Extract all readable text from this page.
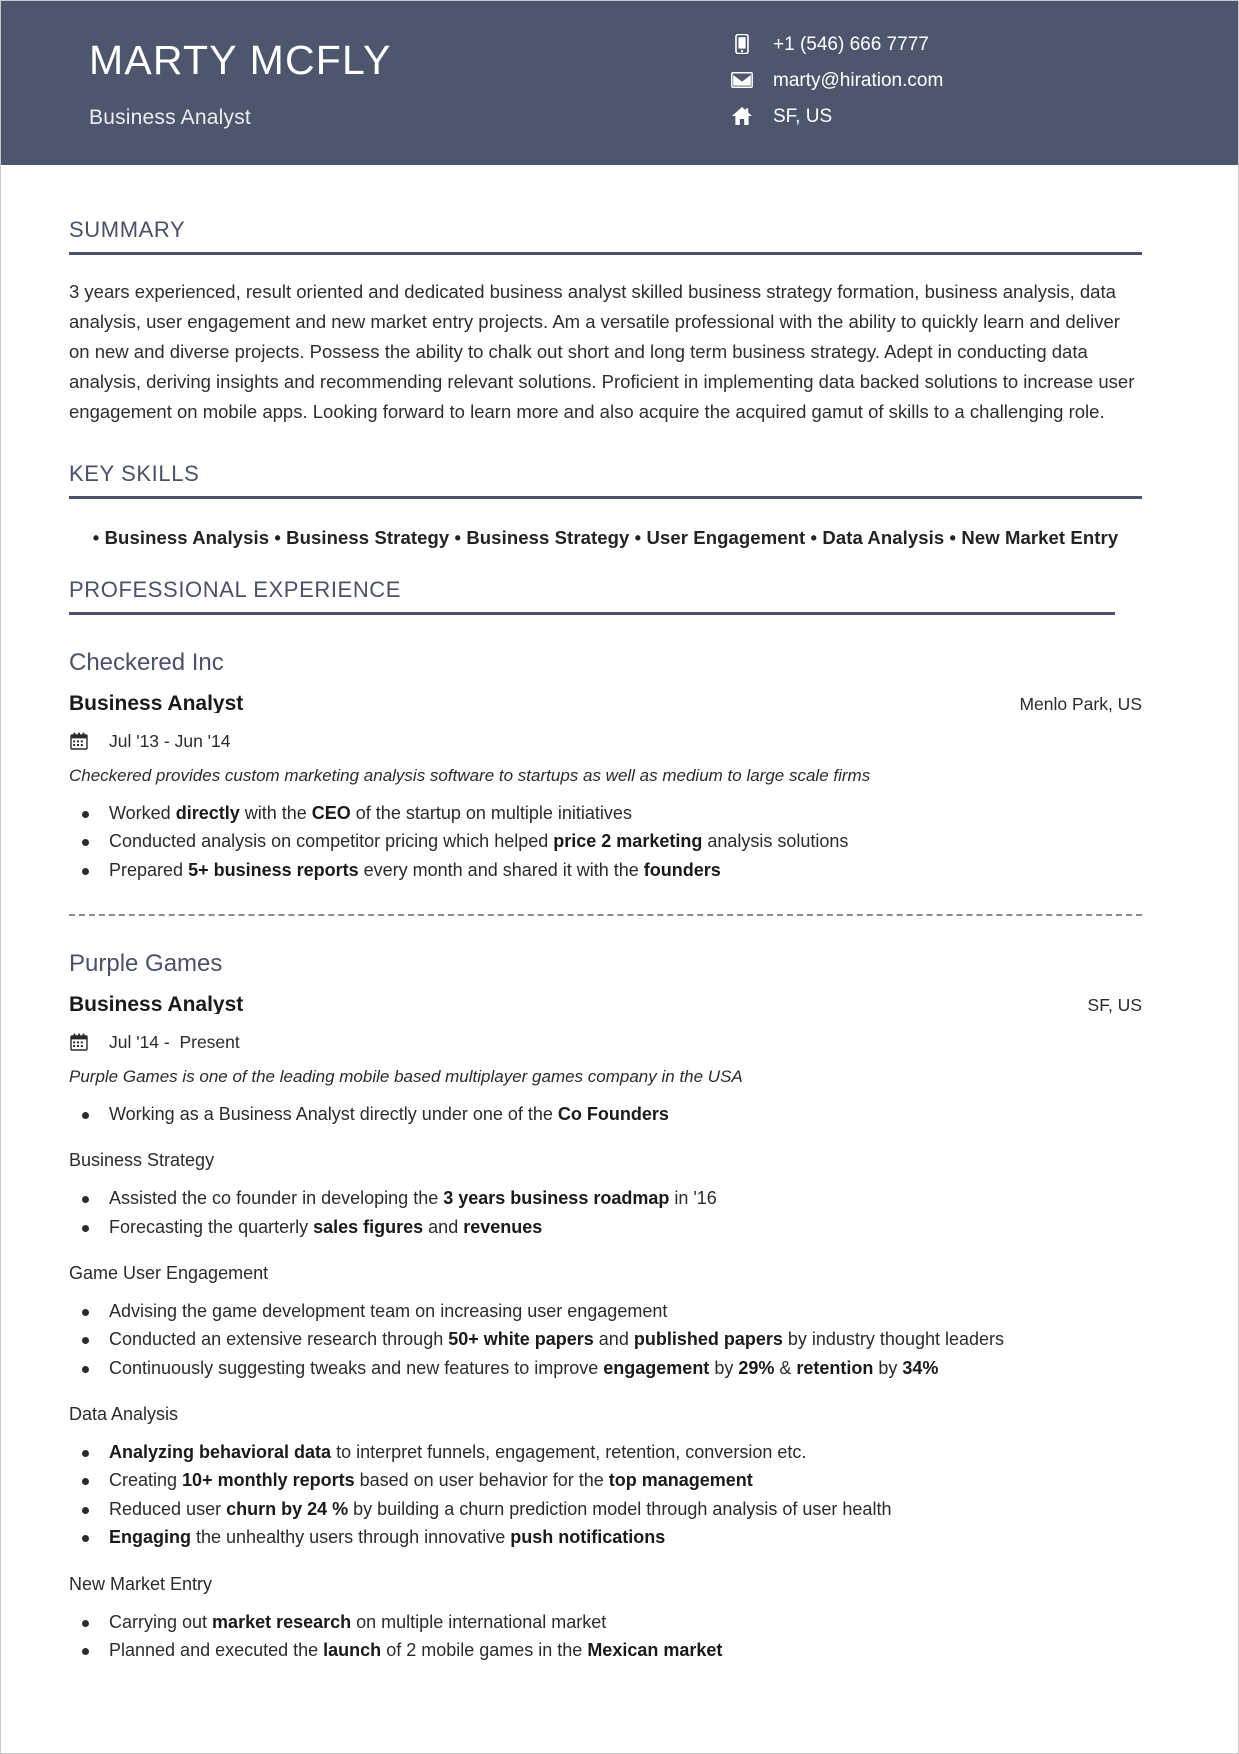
MARTY MCFLY
Business Analyst
+1 (546) 666 7777
marty@hiration.com
SF, US
SUMMARY
3 years experienced, result oriented and dedicated business analyst skilled business strategy formation, business analysis, data analysis, user engagement and new market entry projects. Am a versatile professional with the ability to quickly learn and deliver on new and diverse projects. Possess the ability to chalk out short and long term business strategy. Adept in conducting data analysis, deriving insights and recommending relevant solutions. Proficient in implementing data backed solutions to increase user engagement on mobile apps. Looking forward to learn more and also acquire the acquired gamut of skills to a challenging role.
KEY SKILLS
• Business Analysis • Business Strategy • Business Strategy • User Engagement • Data Analysis • New Market Entry
PROFESSIONAL EXPERIENCE
Checkered Inc
Business Analyst	Menlo Park, US
Jul '13 - Jun '14
Checkered provides custom marketing analysis software to startups as well as medium to large scale firms
Worked directly with the CEO of the startup on multiple initiatives
Conducted analysis on competitor pricing which helped price 2 marketing analysis solutions
Prepared 5+ business reports every month and shared it with the founders
Purple Games
Business Analyst	SF, US
Jul '14 -  Present
Purple Games is one of the leading mobile based multiplayer games company in the USA
Working as a Business Analyst directly under one of the Co Founders
Business Strategy
Assisted the co founder in developing the 3 years business roadmap in '16
Forecasting the quarterly sales figures and revenues
Game User Engagement
Advising the game development team on increasing user engagement
Conducted an extensive research through 50+ white papers and published papers by industry thought leaders
Continuously suggesting tweaks and new features to improve engagement by 29% & retention by 34%
Data Analysis
Analyzing behavioral data to interpret funnels, engagement, retention, conversion etc.
Creating 10+ monthly reports based on user behavior for the top management
Reduced user churn by 24 % by building a churn prediction model through analysis of user health
Engaging the unhealthy users through innovative push notifications
New Market Entry
Carrying out market research on multiple international market
Planned and executed the launch of 2 mobile games in the Mexican market
